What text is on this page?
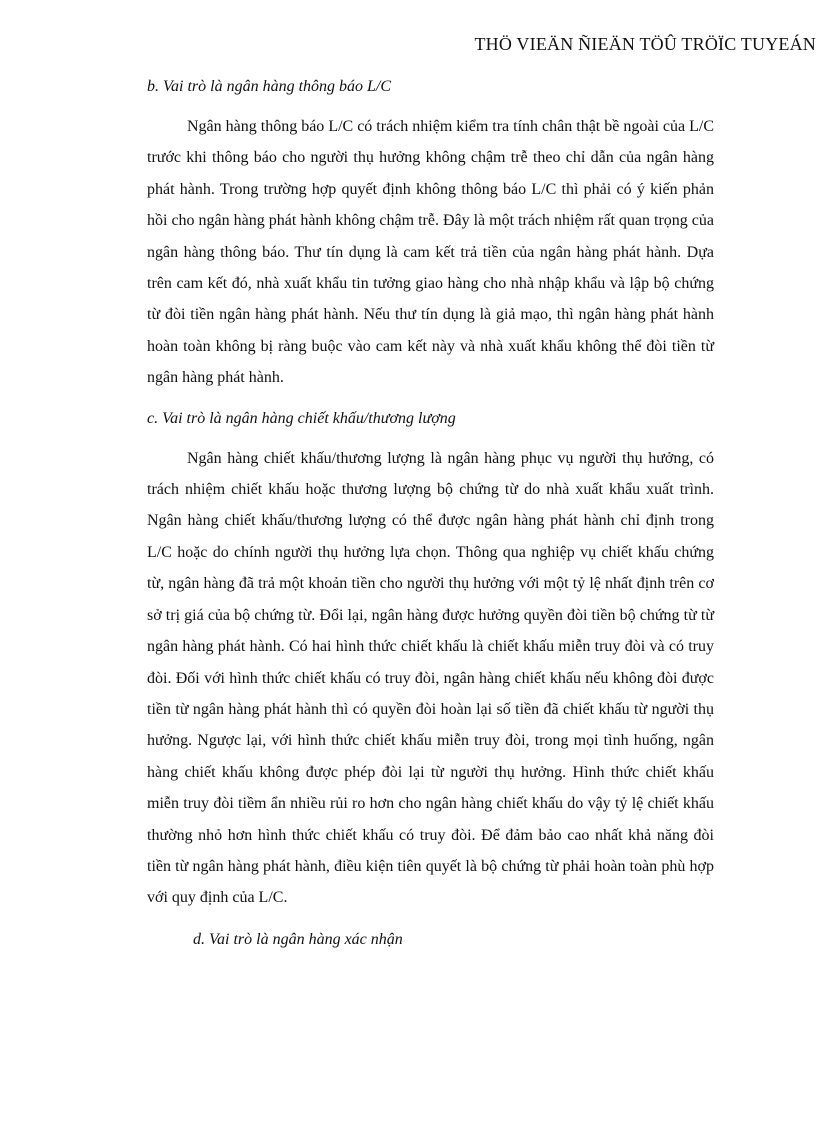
THÖ VIEÄN ÑIEÄN TÖÛ TRÖÏC TUYEÁN

b. Vai trò là ngân hàng thông báo L/C

Ngân hàng thông báo L/C có trách nhiệm kiểm tra tính chân thật bề ngoài của L/C trước khi thông báo cho người thụ hưởng không chậm trễ theo chỉ dẫn của ngân hàng phát hành. Trong trường hợp quyết định không thông báo L/C thì phải có ý kiến phản hồi cho ngân hàng phát hành không chậm trễ. Đây là một trách nhiệm rất quan trọng của ngân hàng thông báo. Thư tín dụng là cam kết trả tiền của ngân hàng phát hành. Dựa trên cam kết đó, nhà xuất khẩu tin tưởng giao hàng cho nhà nhập khẩu và lập bộ chứng từ đòi tiền ngân hàng phát hành. Nếu thư tín dụng là giả mạo, thì ngân hàng phát hành hoàn toàn không bị ràng buộc vào cam kết này và nhà xuất khẩu không thể đòi tiền từ ngân hàng phát hành.

c. Vai trò là ngân hàng chiết khấu/thương lượng

Ngân hàng chiết khấu/thương lượng là ngân hàng phục vụ người thụ hưởng, có trách nhiệm chiết khấu hoặc thương lượng bộ chứng từ do nhà xuất khẩu xuất trình. Ngân hàng chiết khấu/thương lượng có thể được ngân hàng phát hành chỉ định trong L/C hoặc do chính người thụ hưởng lựa chọn. Thông qua nghiệp vụ chiết khấu chứng từ, ngân hàng đã trả một khoản tiền cho người thụ hưởng với một tỷ lệ nhất định trên cơ sở trị giá của bộ chứng từ. Đổi lại, ngân hàng được hưởng quyền đòi tiền bộ chứng từ từ ngân hàng phát hành. Có hai hình thức chiết khấu là chiết khấu miễn truy đòi và có truy đòi. Đối với hình thức chiết khấu có truy đòi, ngân hàng chiết khấu nếu không đòi được tiền từ ngân hàng phát hành thì có quyền đòi hoàn lại số tiền đã chiết khấu từ người thụ hưởng. Ngược lại, với hình thức chiết khấu miễn truy đòi, trong mọi tình huống, ngân hàng chiết khấu không được phép đòi lại từ người thụ hưởng. Hình thức chiết khấu miễn truy đòi tiềm ẩn nhiều rủi ro hơn cho ngân hàng chiết khấu do vậy tỷ lệ chiết khấu thường nhỏ hơn hình thức chiết khấu có truy đòi. Để đảm bảo cao nhất khả năng đòi tiền từ ngân hàng phát hành, điều kiện tiên quyết là bộ chứng từ phải hoàn toàn phù hợp với quy định của L/C.

d. Vai trò là ngân hàng xác nhận
